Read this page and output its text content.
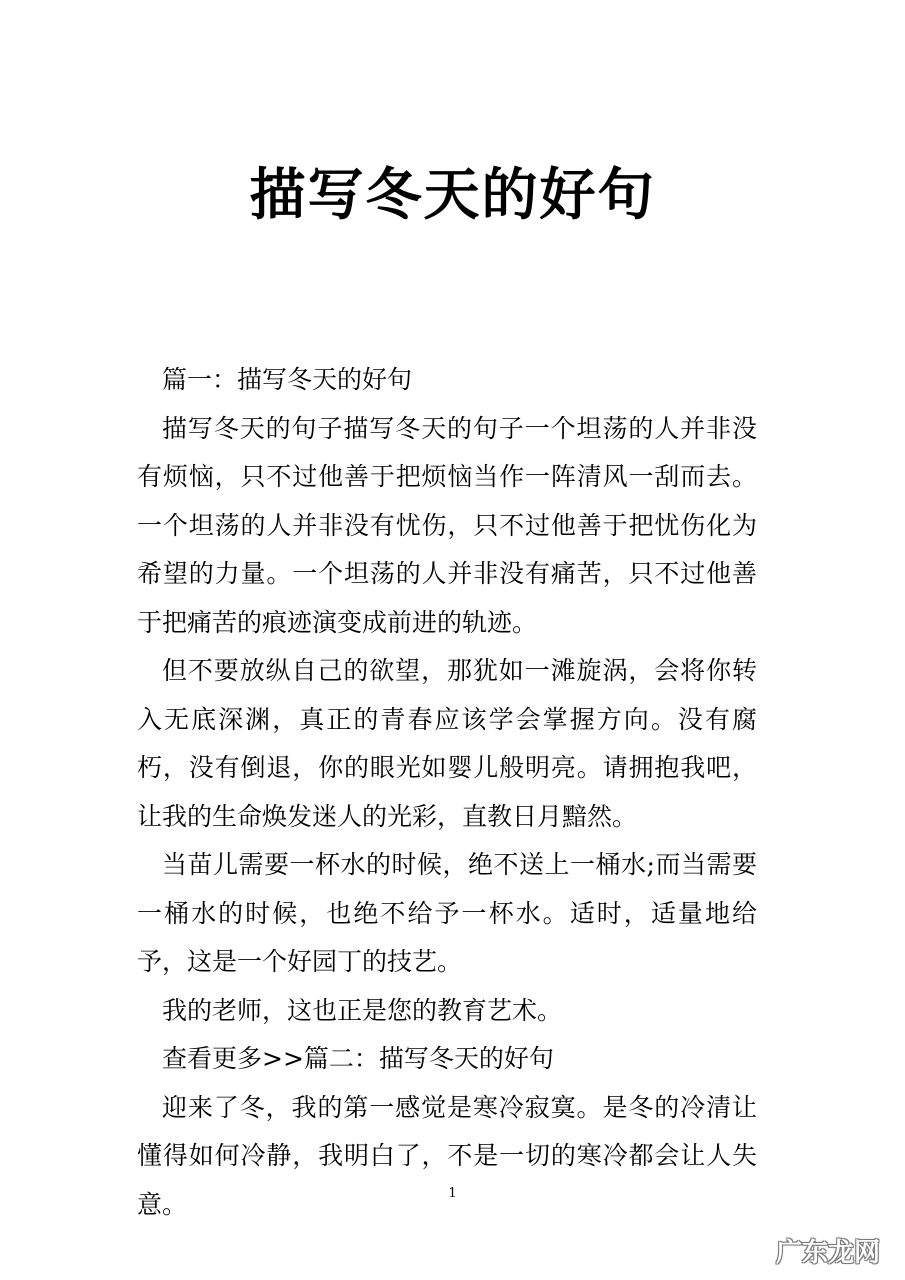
描写冬天的好句

篇一：描写冬天的好句

描写冬天的句子描写冬天的句子一个坦荡的人并非没有烦恼，只不过他善于把烦恼当作一阵清风一刮而去。一个坦荡的人并非没有忧伤，只不过他善于把忧伤化为希望的力量。一个坦荡的人并非没有痛苦，只不过他善于把痛苦的痕迹演变成前进的轨迹。

但不要放纵自己的欲望，那犹如一滩旋涡，会将你转入无底深渊，真正的青春应该学会掌握方向。没有腐朽，没有倒退，你的眼光如婴儿般明亮。请拥抱我吧，让我的生命焕发迷人的光彩，直教日月黯然。

当苗儿需要一杯水的时候，绝不送上一桶水;而当需要一桶水的时候，也绝不给予一杯水。适时，适量地给予，这是一个好园丁的技艺。

我的老师，这也正是您的教育艺术。

查看更多>>篇二：描写冬天的好句

迎来了冬，我的第一感觉是寒冷寂寞。是冬的冷清让懂得如何冷静，我明白了，不是一切的寒冷都会让人失意。	1
广东龙网
